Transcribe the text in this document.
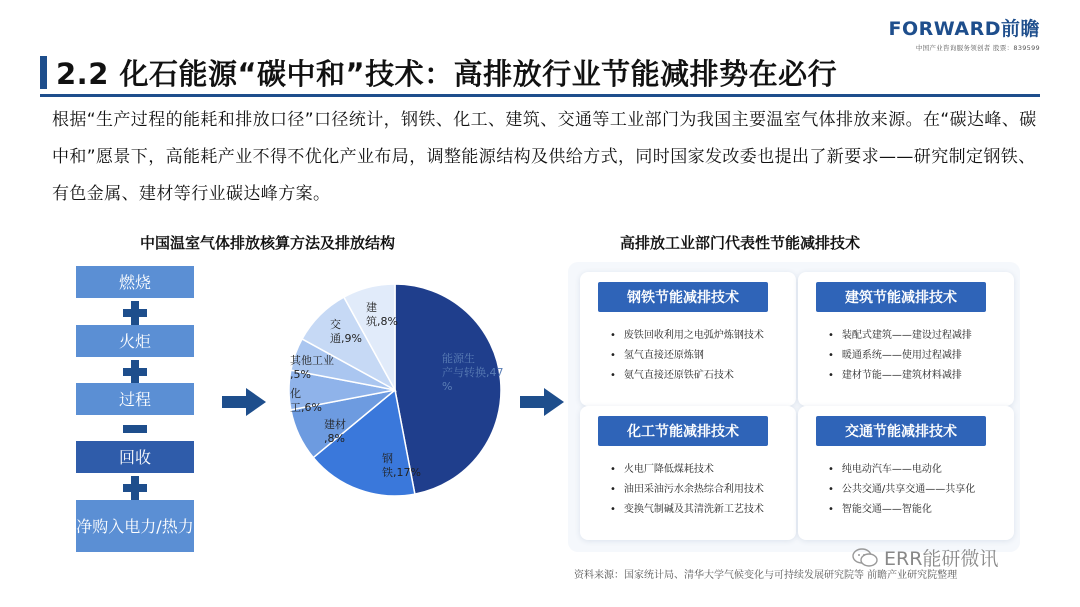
FORWARD前瞻
中国产业咨询服务领创者 股票：839599
2.2 化石能源“碳中和”技术：高排放行业节能减排势在必行
根据“生产过程的能耗和排放口径”口径统计，钢铁、化工、建筑、交通等工业部门为我国主要温室气体排放来源。在“碳达峰、碳中和”愿景下，高能耗产业不得不优化产业布局，调整能源结构及供给方式，同时国家发改委也提出了新要求——研究制定钢铁、有色金属、建材等行业碳达峰方案。
中国温室气体排放核算方法及排放结构
燃烧
火炬
过程
回收
净购入电力/热力
能源生产与转换,47 %
钢铁,17%
建材,8%
化工,6%
其他工业,5%
交通,9%
建筑,8%
高排放工业部门代表性节能减排技术
钢铁节能减排技术
• 废铁回收利用之电弧炉炼钢技术
• 氢气直接还原炼钢
• 氨气直接还原铁矿石技术
建筑节能减排技术
• 装配式建筑——建设过程减排
• 暖通系统——使用过程减排
• 建材节能——建筑材料减排
化工节能减排技术
• 火电厂降低煤耗技术
• 油田采油污水余热综合利用技术
• 变换气制碱及其清洗新工艺技术
交通节能减排技术
• 纯电动汽车——电动化
• 公共交通/共享交通——共享化
• 智能交通——智能化
资料来源：国家统计局、清华大学气候变化与可持续发展研究院等 前瞻产业研究院整理
ERR能研微讯
